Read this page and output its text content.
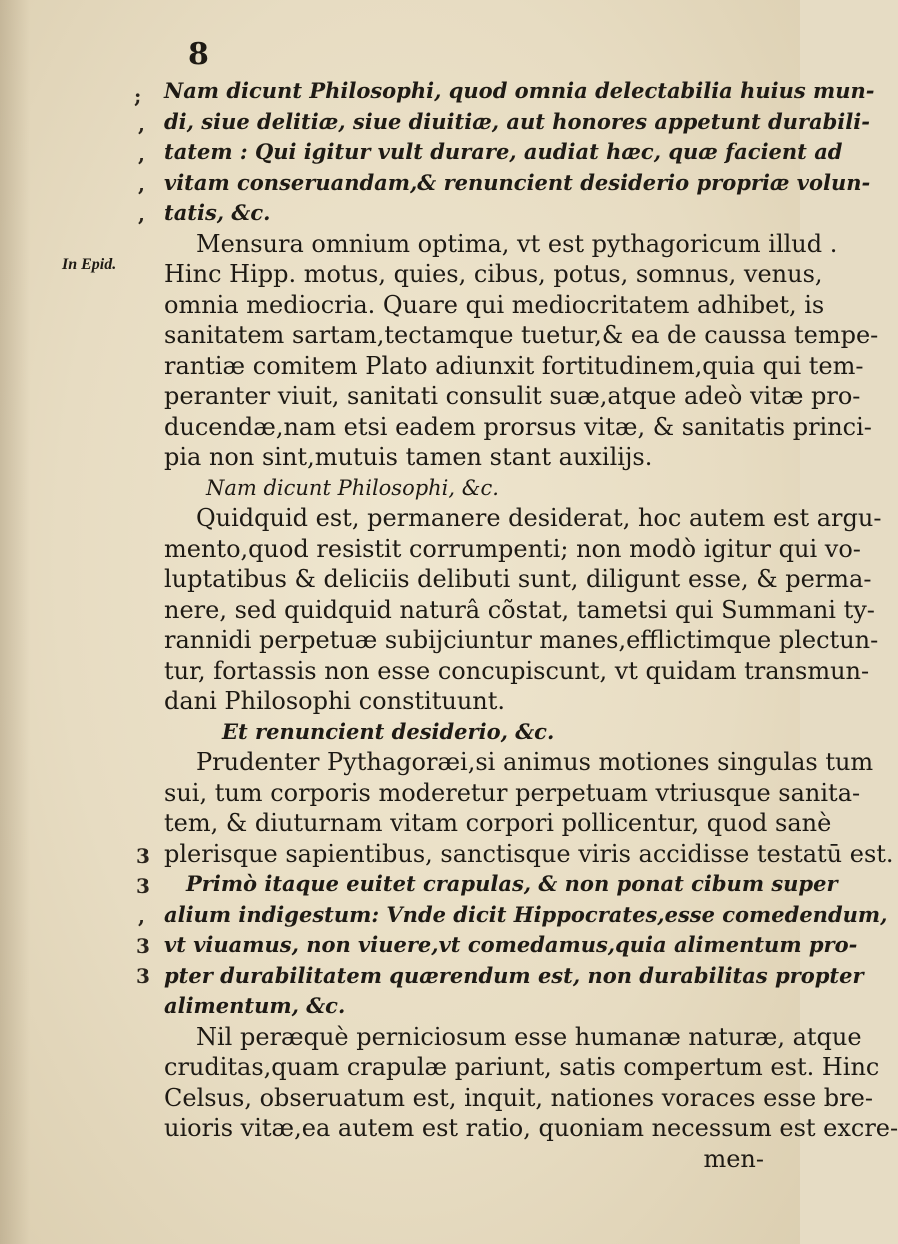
8
In Epid.
;
,
,
,
,
3
3
,
3
3
Nam dicunt Philosophi, quod omnia delectabilia huius mun-
di, siue delitiæ, siue diuitiæ, aut honores appetunt durabili-
tatem : Qui igitur vult durare, audiat hæc, quæ facient ad
vitam conseruandam,& renuncient desiderio propriæ volun-
tatis, &c.
Mensura omnium optima, vt est pythagoricum illud .
Hinc Hipp. motus, quies, cibus, potus, somnus, venus,
omnia mediocria. Quare qui mediocritatem adhibet, is
sanitatem sartam,tectamque tuetur,& ea de caussa tempe-
rantiæ comitem Plato adiunxit fortitudinem,quia qui tem-
peranter viuit, sanitati consulit suæ,atque adeò vitæ pro-
ducendæ,nam etsi eadem prorsus vitæ, & sanitatis princi-
pia non sint,mutuis tamen stant auxilijs.
Nam dicunt Philosophi, &c.
Quidquid est, permanere desiderat, hoc autem est argu-
mento,quod resistit corrumpenti; non modò igitur qui vo-
luptatibus & deliciis delibuti sunt, diligunt esse, & perma-
nere, sed quidquid naturâ cõstat, tametsi qui Summani ty-
rannidi perpetuæ subijciuntur manes,efflictimque plectun-
tur, fortassis non esse concupiscunt, vt quidam transmun-
dani Philosophi constituunt.
Et renuncient desiderio, &c.
Prudenter Pythagoræi,si animus motiones singulas tum
sui, tum corporis moderetur perpetuam vtriusque sanita-
tem, & diuturnam vitam corpori pollicentur, quod sanè
plerisque sapientibus, sanctisque viris accidisse testatū est.
Primò itaque euitet crapulas, & non ponat cibum super
alium indigestum: Vnde dicit Hippocrates,esse comedendum,
vt viuamus, non viuere,vt comedamus,quia alimentum pro-
pter durabilitatem quærendum est, non durabilitas propter
alimentum, &c.
Nil peræquè perniciosum esse humanæ naturæ, atque
cruditas,quam crapulæ pariunt, satis compertum est. Hinc
Celsus, obseruatum est, inquit, nationes voraces esse bre-
uioris vitæ,ea autem est ratio, quoniam necessum est excre-
men-
